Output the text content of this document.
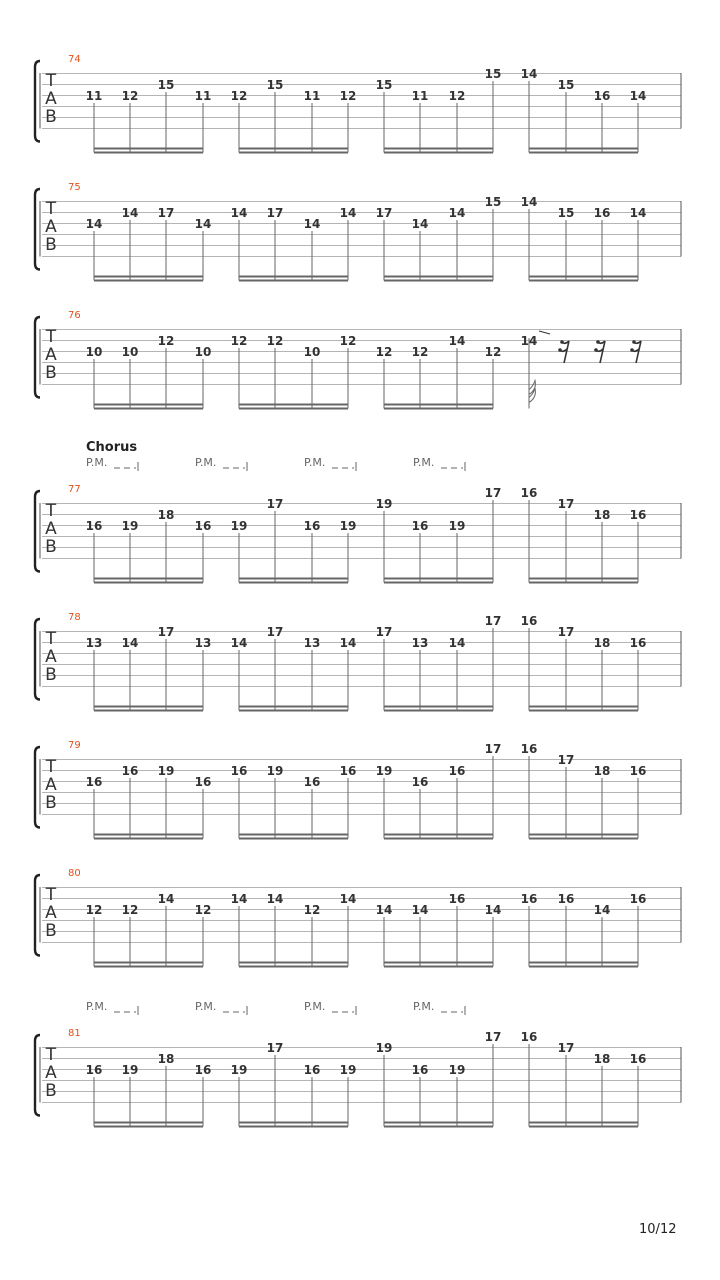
T
A
B
74
11 12
15
11 12
15
11 12
15
11 12
15 14
15
16 14
T
A
B
75
14
14 17
14
14 17
14
14 17
14
14
15 14
15 16 14
T
A
B
76
10 10
12
10
12 12
10
12
12 12
14
12
14
T
A
B
77
Chorus
P.M.	P.M.	P.M.	P.M.
16 19
18
16 19
17
16 19
19
16 19
17 16
17
18 16
T
A
B
78
13 14
17
13 14
17
13 14
17
13 14
17 16
17
18 16
T
A
B
79
16
16 19
16
16 19
16
16 19
16
16
17 16
17
18 16
T
A
B
80
12 12
14
12
14 14
12
14
14 14
16
14
16 16
14
16
T
A
B
81
P.M.	P.M.	P.M.	P.M.
16 19
18
16 19
17
16 19
19
16 19
17 16
17
18 16
10/12
